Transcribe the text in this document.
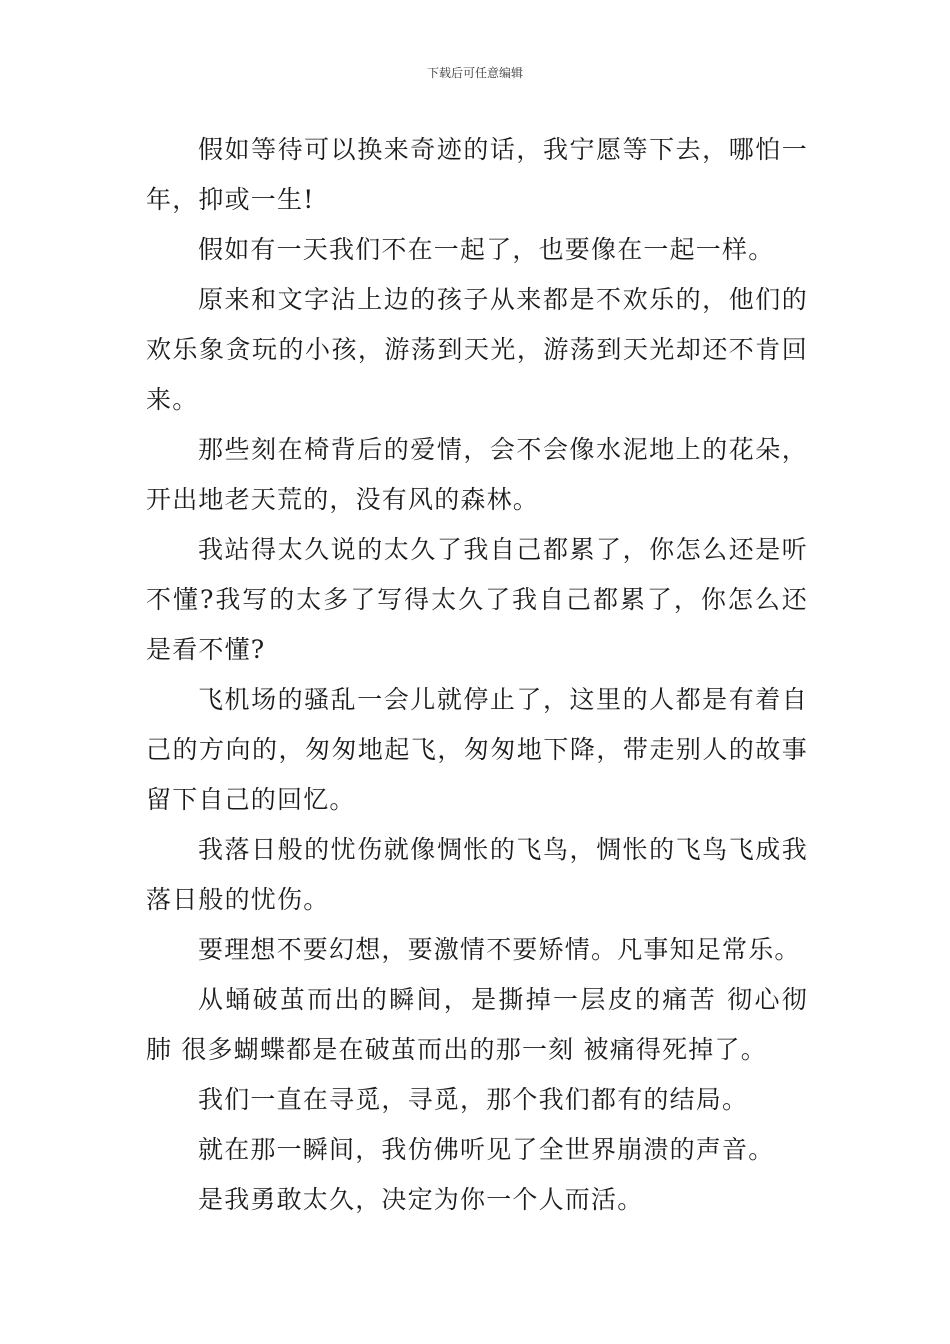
下载后可任意编辑

假如等待可以换来奇迹的话，我宁愿等下去，哪怕一年，抑或一生!

假如有一天我们不在一起了，也要像在一起一样。

原来和文字沾上边的孩子从来都是不欢乐的，他们的欢乐象贪玩的小孩，游荡到天光，游荡到天光却还不肯回来。

那些刻在椅背后的爱情，会不会像水泥地上的花朵，开出地老天荒的，没有风的森林。

我站得太久说的太久了我自己都累了，你怎么还是听不懂?我写的太多了写得太久了我自己都累了，你怎么还是看不懂?

飞机场的骚乱一会儿就停止了，这里的人都是有着自己的方向的，匆匆地起飞，匆匆地下降，带走别人的故事留下自己的回忆。

我落日般的忧伤就像惆怅的飞鸟，惆怅的飞鸟飞成我落日般的忧伤。

要理想不要幻想，要激情不要矫情。凡事知足常乐。

从蛹破茧而出的瞬间，是撕掉一层皮的痛苦 彻心彻肺 很多蝴蝶都是在破茧而出的那一刻 被痛得死掉了。

我们一直在寻觅，寻觅，那个我们都有的结局。

就在那一瞬间，我仿佛听见了全世界崩溃的声音。

是我勇敢太久，决定为你一个人而活。
